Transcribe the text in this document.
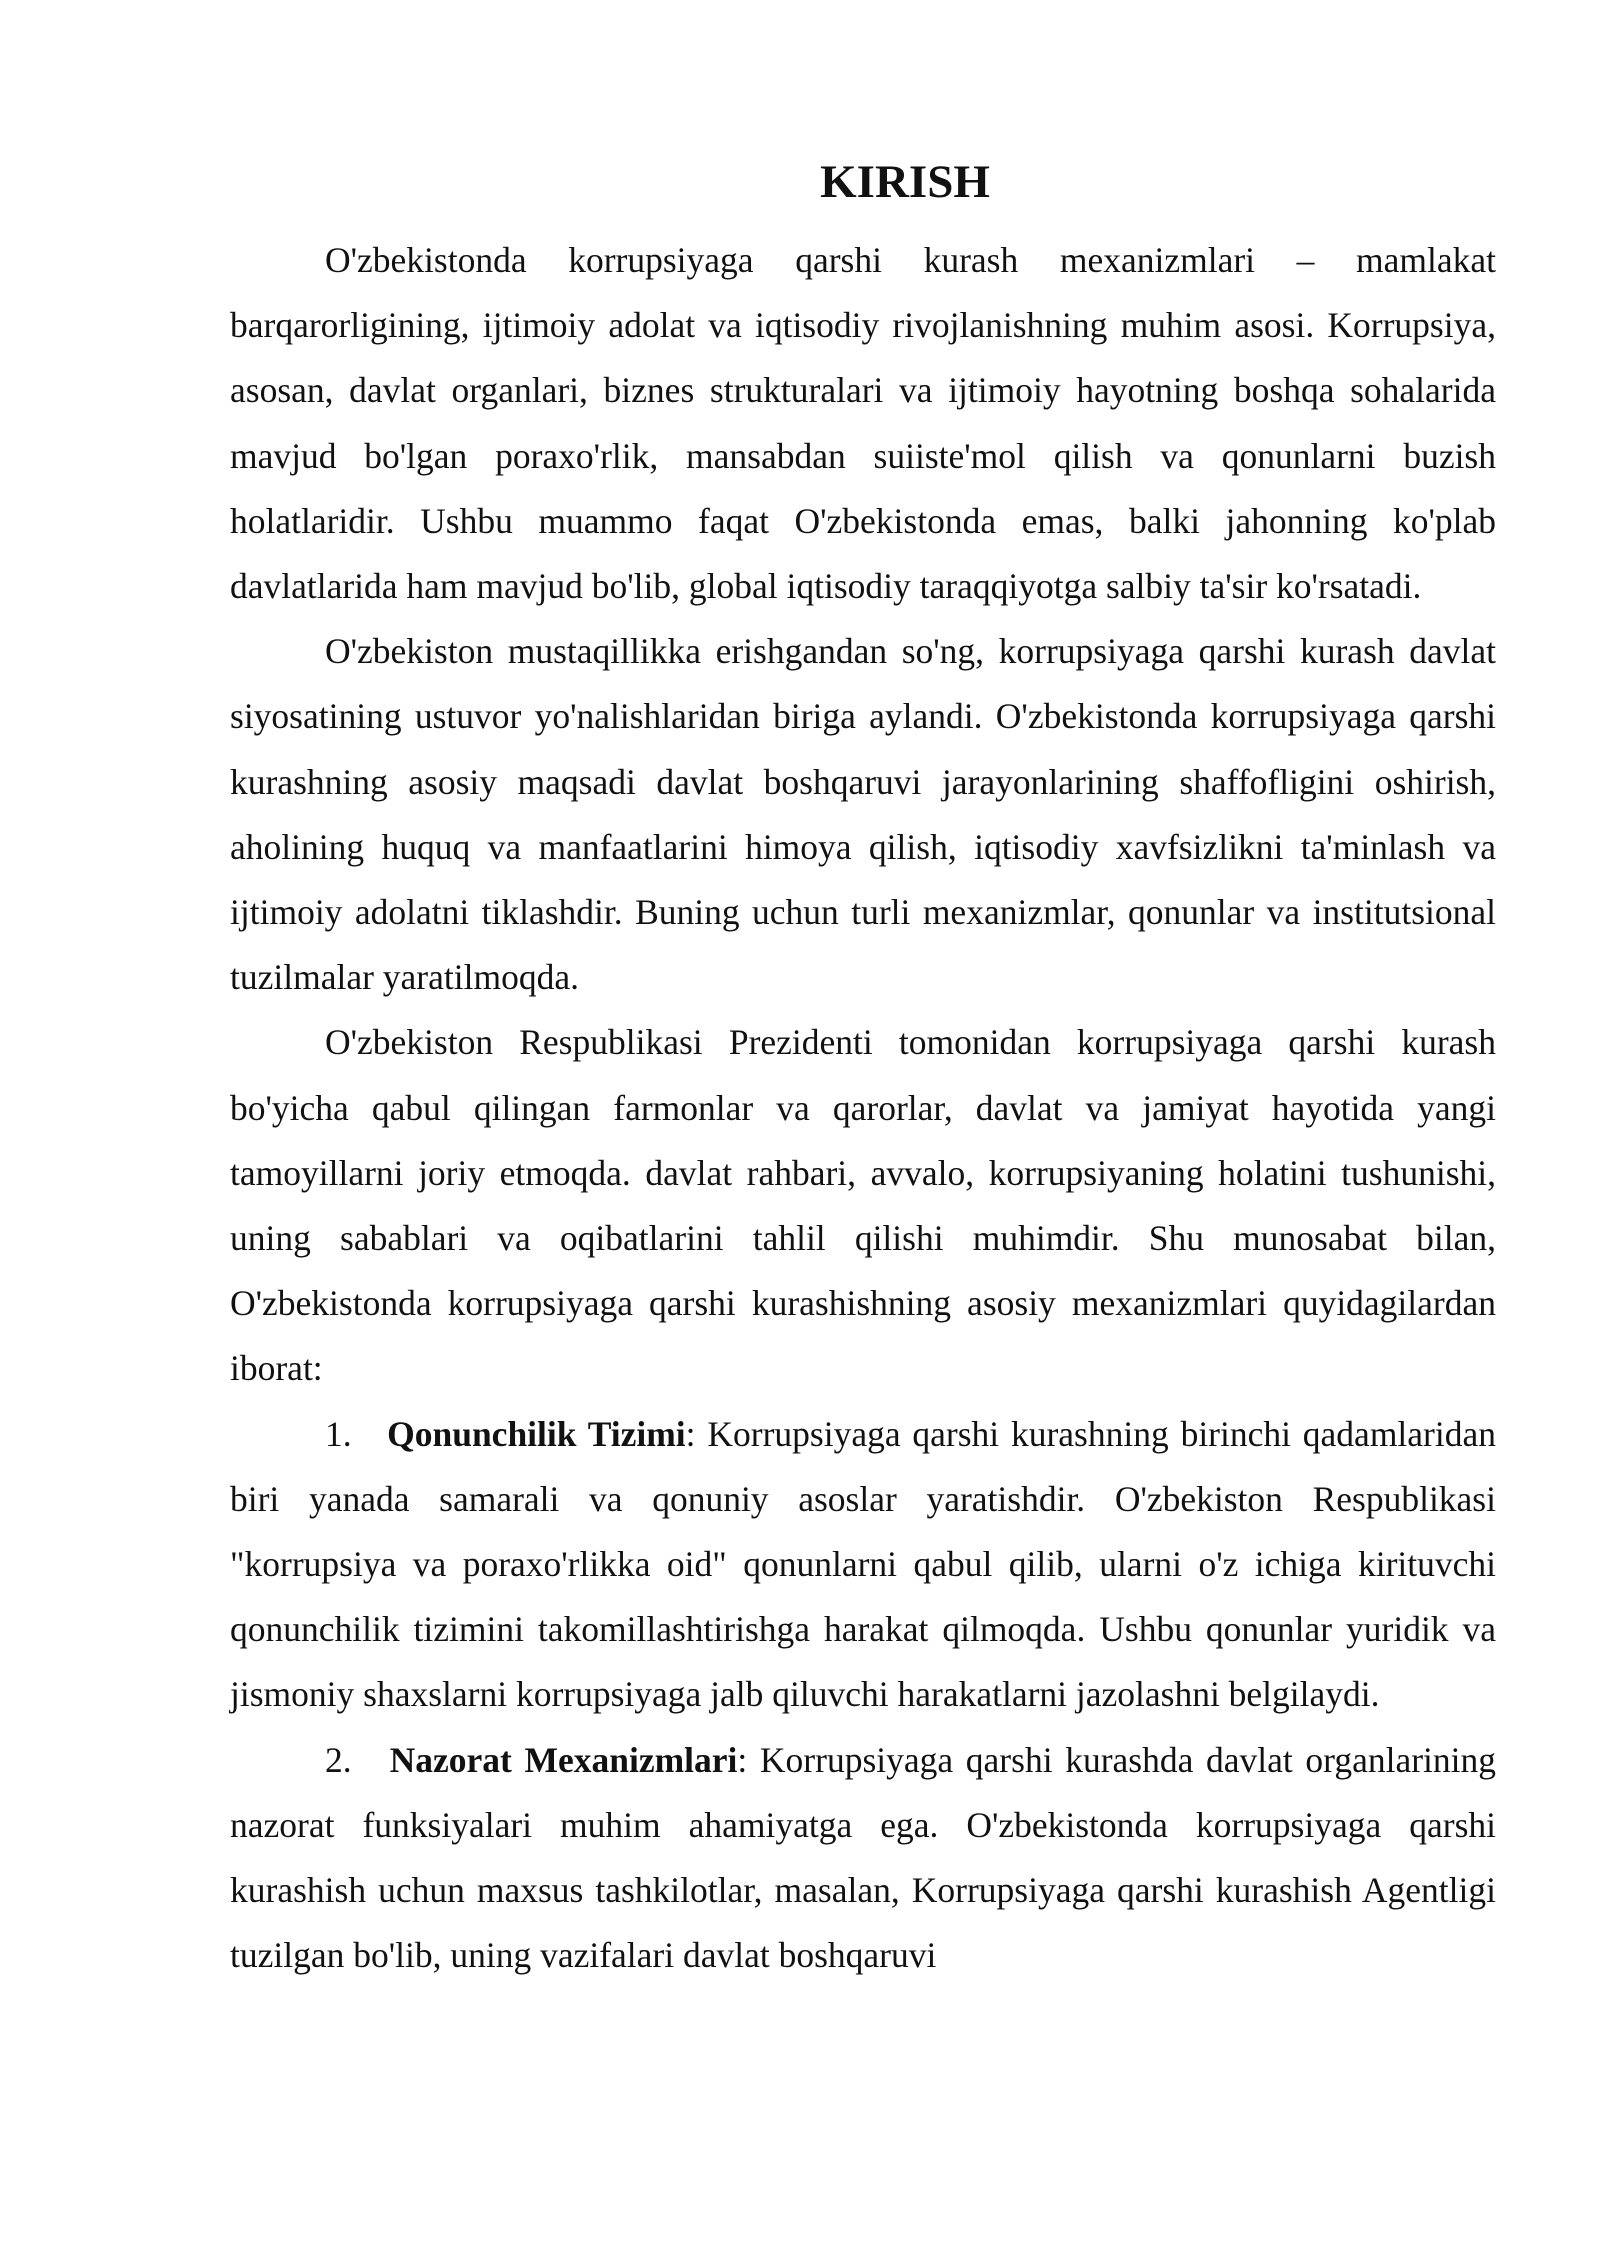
KIRISH

O'zbekistonda korrupsiyaga qarshi kurash mexanizmlari – mamlakat barqarorligining, ijtimoiy adolat va iqtisodiy rivojlanishning muhim asosi. Korrupsiya, asosan, davlat organlari, biznes strukturalari va ijtimoiy hayotning boshqa sohalarida mavjud bo'lgan poraxo'rlik, mansabdan suiiste'mol qilish va qonunlarni buzish holatlaridir. Ushbu muammo faqat O'zbekistonda emas, balki jahonning ko'plab davlatlarida ham mavjud bo'lib, global iqtisodiy taraqqiyotga salbiy ta'sir ko'rsatadi.

O'zbekiston mustaqillikka erishgandan so'ng, korrupsiyaga qarshi kurash davlat siyosatining ustuvor yo'nalishlaridan biriga aylandi. O'zbekistonda korrupsiyaga qarshi kurashning asosiy maqsadi davlat boshqaruvi jarayonlarining shaffofligini oshirish, aholining huquq va manfaatlarini himoya qilish, iqtisodiy xavfsizlikni ta'minlash va ijtimoiy adolatni tiklashdir. Buning uchun turli mexanizmlar, qonunlar va institutsional tuzilmalar yaratilmoqda.

O'zbekiston Respublikasi Prezidenti tomonidan korrupsiyaga qarshi kurash bo'yicha qabul qilingan farmonlar va qarorlar, davlat va jamiyat hayotida yangi tamoyillarni joriy etmoqda. davlat rahbari, avvalo, korrupsiyaning holatini tushunishi, uning sabablari va oqibatlarini tahlil qilishi muhimdir. Shu munosabat bilan, O'zbekistonda korrupsiyaga qarshi kurashishning asosiy mexanizmlari quyidagilardan iborat:

1. Qonunchilik Tizimi: Korrupsiyaga qarshi kurashning birinchi qadamlaridan biri yanada samarali va qonuniy asoslar yaratishdir. O'zbekiston Respublikasi "korrupsiya va poraxo'rlikka oid" qonunlarni qabul qilib, ularni o'z ichiga kirituvchi qonunchilik tizimini takomillashtirishga harakat qilmoqda. Ushbu qonunlar yuridik va jismoniy shaxslarni korrupsiyaga jalb qiluvchi harakatlarni jazolashni belgilaydi.

2. Nazorat Mexanizmlari: Korrupsiyaga qarshi kurashda davlat organlarining nazorat funksiyalari muhim ahamiyatga ega. O'zbekistonda korrupsiyaga qarshi kurashish uchun maxsus tashkilotlar, masalan, Korrupsiyaga qarshi kurashish Agentligi tuzilgan bo'lib, uning vazifalari davlat boshqaruvi
